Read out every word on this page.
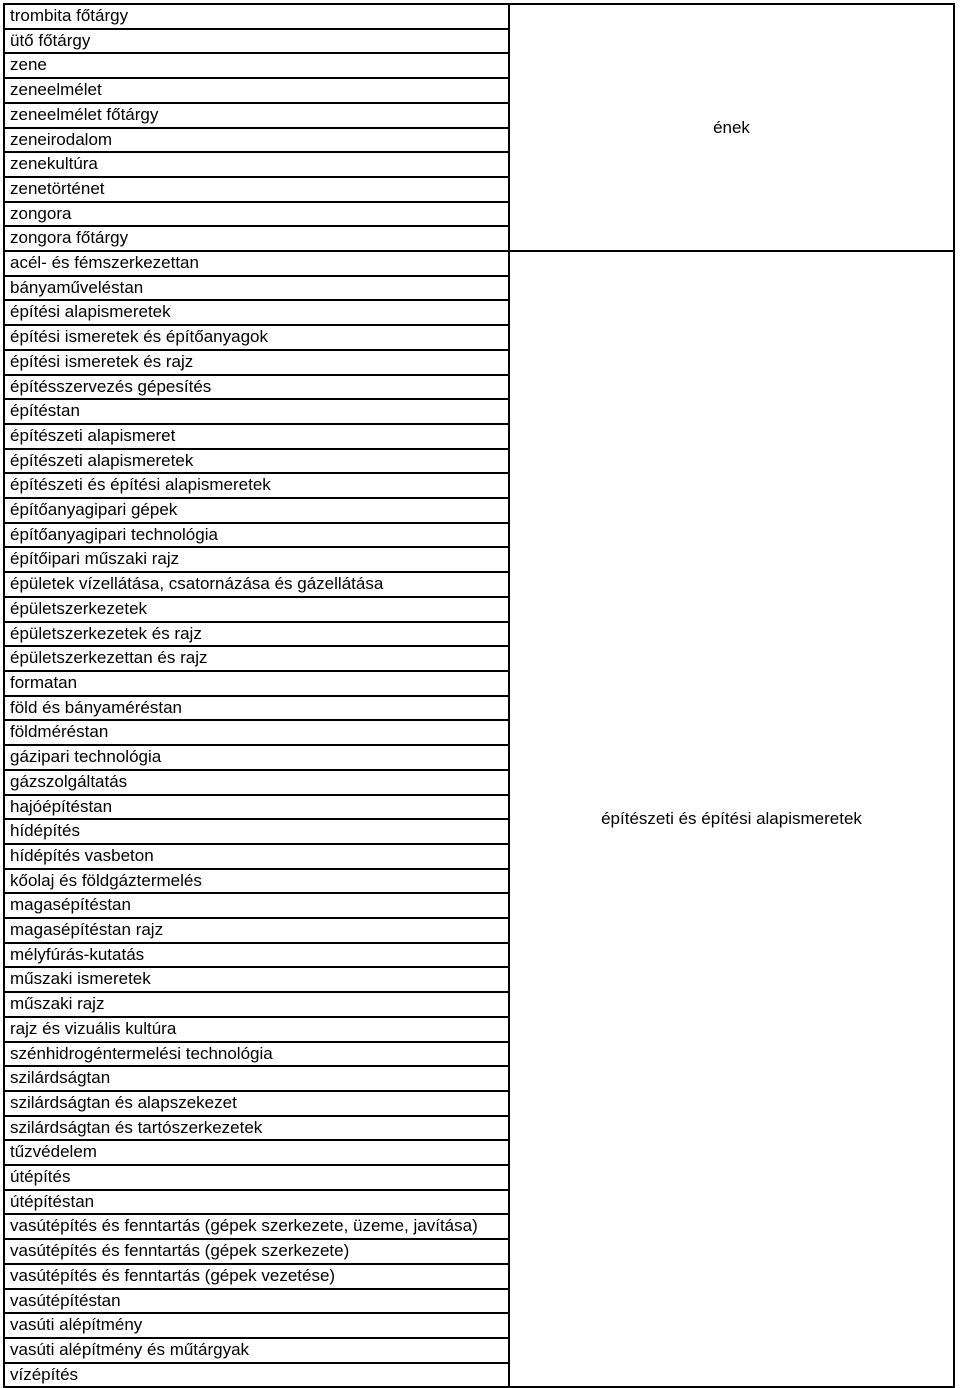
trombita főtárgy	ének
ütő főtárgy	
zene	
zeneelmélet	
zeneelmélet főtárgy	
zeneirodalom	
zenekultúra	
zenetörténet	
zongora	
zongora főtárgy	
acél- és fémszerkezettan	építészeti és építési alapismeretek
bányaműveléstan	
építési alapismeretek	
építési ismeretek és építőanyagok	
építési ismeretek és rajz	
építésszervezés gépesítés	
építéstan	
építészeti alapismeret	
építészeti alapismeretek	
építészeti és építési alapismeretek	
építőanyagipari gépek	
építőanyagipari technológia	
építőipari műszaki rajz	
épületek vízellátása, csatornázása és gázellátása	
épületszerkezetek	
épületszerkezetek és rajz	
épületszerkezettan és rajz	
formatan	
föld és bányaméréstan	
földméréstan	
gázipari technológia	
gázszolgáltatás	
hajóépítéstan	
hídépítés	
hídépítés vasbeton	
kőolaj és földgáztermelés	
magasépítéstan	
magasépítéstan rajz	
mélyfúrás-kutatás	
műszaki ismeretek	
műszaki rajz	
rajz és vizuális kultúra	
szénhidrogéntermelési technológia	
szilárdságtan	
szilárdságtan és alapszekezet	
szilárdságtan és tartószerkezetek	
tűzvédelem	
útépítés	
útépítéstan	
vasútépítés és fenntartás (gépek szerkezete, üzeme, javítása)	
vasútépítés és fenntartás (gépek szerkezete)	
vasútépítés és fenntartás (gépek vezetése)	
vasútépítéstan	
vasúti alépítmény	
vasúti alépítmény és műtárgyak	
vízépítés	
